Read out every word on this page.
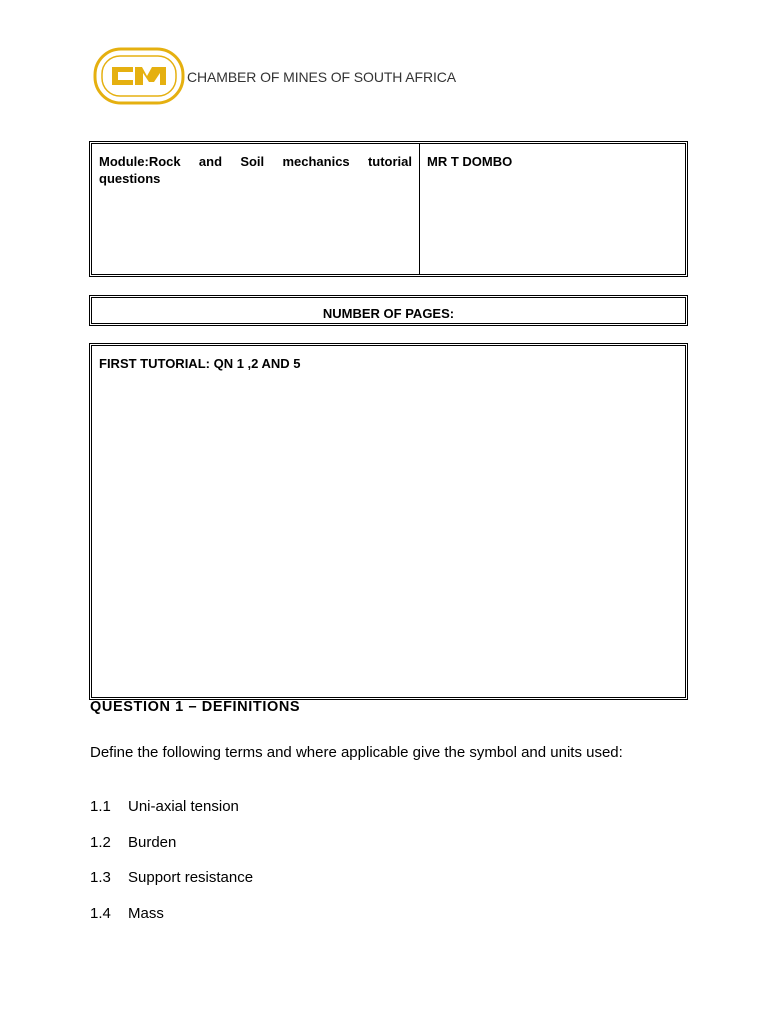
CHAMBER OF MINES OF SOUTH AFRICA
Module:Rock and Soil mechanics tutorial questions
MR T DOMBO
NUMBER OF PAGES:
FIRST TUTORIAL: QN 1 ,2 AND 5
QUESTION 1 – DEFINITIONS
Define the following terms and where applicable give the symbol and units used:
1.1 Uni-axial tension
1.2 Burden
1.3 Support resistance
1.4 Mass
